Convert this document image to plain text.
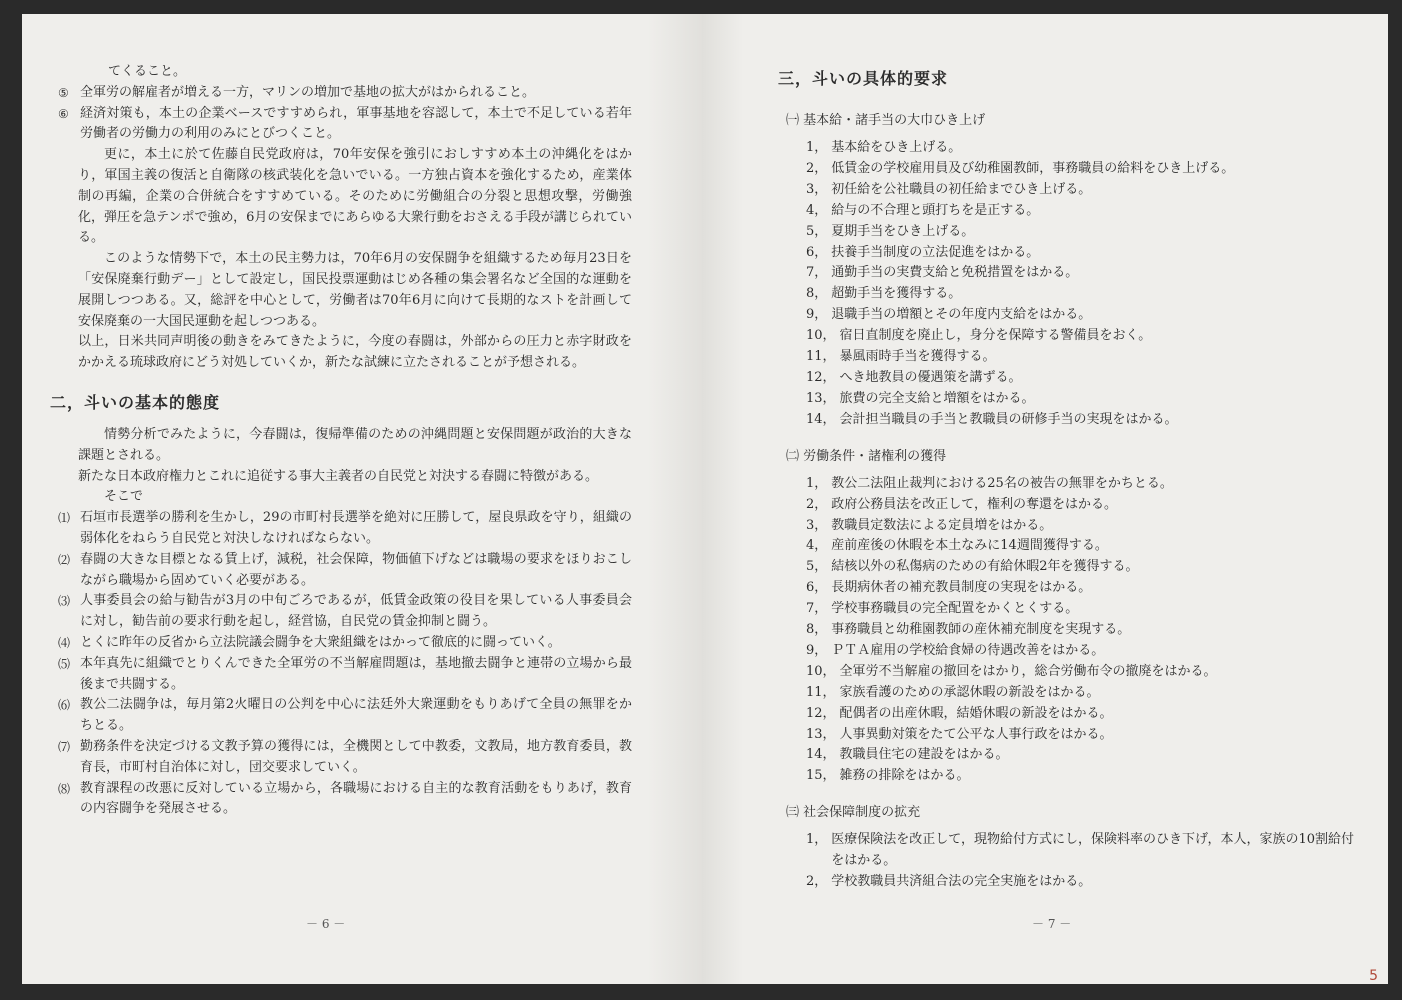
てくること。
⑤ 全軍労の解雇者が増える一方，マリンの増加で基地の拡大がはかられること。
⑥ 経済対策も，本土の企業ベースですすめられ，軍事基地を容認して，本土で不足している若年労働者の労働力の利用のみにとびつくこと。

更に，本土に於て佐藤自民党政府は，70年安保を強引におしすすめ本土の沖縄化をはかり，軍国主義の復活と自衛隊の核武装化を急いでいる。一方独占資本を強化するため，産業体制の再編，企業の合併統合をすすめている。そのために労働組合の分裂と思想攻撃，労働強化，弾圧を急テンポで強め，6月の安保までにあらゆる大衆行動をおさえる手段が講じられている。

このような情勢下で，本土の民主勢力は，70年6月の安保闘争を組織するため毎月23日を「安保廃棄行動デー」として設定し，国民投票運動はじめ各種の集会署名など全国的な運動を展開しつつある。又，総評を中心として，労働者は70年6月に向けて長期的なストを計画して安保廃棄の一大国民運動を起しつつある。

以上，日米共同声明後の動きをみてきたように，今度の春闘は，外部からの圧力と赤字財政をかかえる琉球政府にどう対処していくか，新たな試練に立たされることが予想される。

二，斗いの基本的態度

情勢分析でみたように，今春闘は，復帰準備のための沖縄問題と安保問題が政治的大きな課題とされる。

新たな日本政府権力とこれに追従する事大主義者の自民党と対決する春闘に特徴がある。

そこで

⑴ 石垣市長選挙の勝利を生かし，29の市町村長選挙を絶対に圧勝して，屋良県政を守り，組織の弱体化をねらう自民党と対決しなければならない。
⑵ 春闘の大きな目標となる賃上げ，減税，社会保障，物価値下げなどは職場の要求をほりおこしながら職場から固めていく必要がある。
⑶ 人事委員会の給与勧告が3月の中旬ごろであるが，低賃金政策の役目を果している人事委員会に対し，勧告前の要求行動を起し，経営協，自民党の賃金抑制と闘う。
⑷ とくに昨年の反省から立法院議会闘争を大衆組織をはかって徹底的に闘っていく。
⑸ 本年真先に組織でとりくんできた全軍労の不当解雇問題は，基地撤去闘争と連帯の立場から最後まで共闘する。
⑹ 教公二法闘争は，毎月第2火曜日の公判を中心に法廷外大衆運動をもりあげて全員の無罪をかちとる。
⑺ 勤務条件を決定づける文教予算の獲得には，全機関として中教委，文教局，地方教育委員，教育長，市町村自治体に対し，団交要求していく。
⑻ 教育課程の改悪に反対している立場から，各職場における自主的な教育活動をもりあげ，教育の内容闘争を発展させる。
－ 6 －
三，斗いの具体的要求
㈠ 基本給・諸手当の大巾ひき上げ
1， 基本給をひき上げる。
2， 低賃金の学校雇用員及び幼稚園教師，事務職員の給料をひき上げる。
3， 初任給を公社職員の初任給までひき上げる。
4， 給与の不合理と頭打ちを是正する。
5， 夏期手当をひき上げる。
6， 扶養手当制度の立法促進をはかる。
7， 通勤手当の実費支給と免税措置をはかる。
8， 超勤手当を獲得する。
9， 退職手当の増額とその年度内支給をはかる。
10， 宿日直制度を廃止し，身分を保障する警備員をおく。
11， 暴風雨時手当を獲得する。
12， へき地教員の優遇策を講ずる。
13， 旅費の完全支給と増額をはかる。
14， 会計担当職員の手当と教職員の研修手当の実現をはかる。
㈡ 労働条件・諸権利の獲得
1， 教公二法阻止裁判における25名の被告の無罪をかちとる。
2， 政府公務員法を改正して，権利の奪還をはかる。
3， 教職員定数法による定員増をはかる。
4， 産前産後の休暇を本土なみに14週間獲得する。
5， 結核以外の私傷病のための有給休暇2年を獲得する。
6， 長期病休者の補充教員制度の実現をはかる。
7， 学校事務職員の完全配置をかくとくする。
8， 事務職員と幼稚園教師の産休補充制度を実現する。
9， ＰＴＡ雇用の学校給食婦の待遇改善をはかる。
10， 全軍労不当解雇の撤回をはかり，総合労働布令の撤廃をはかる。
11， 家族看護のための承認休暇の新設をはかる。
12， 配偶者の出産休暇，結婚休暇の新設をはかる。
13， 人事異動対策をたて公平な人事行政をはかる。
14， 教職員住宅の建設をはかる。
15， 雑務の排除をはかる。
㈢ 社会保障制度の拡充
1， 医療保険法を改正して，現物給付方式にし，保険料率のひき下げ，本人，家族の10割給付をはかる。
2， 学校教職員共済組合法の完全実施をはかる。
－ 7 －
5
